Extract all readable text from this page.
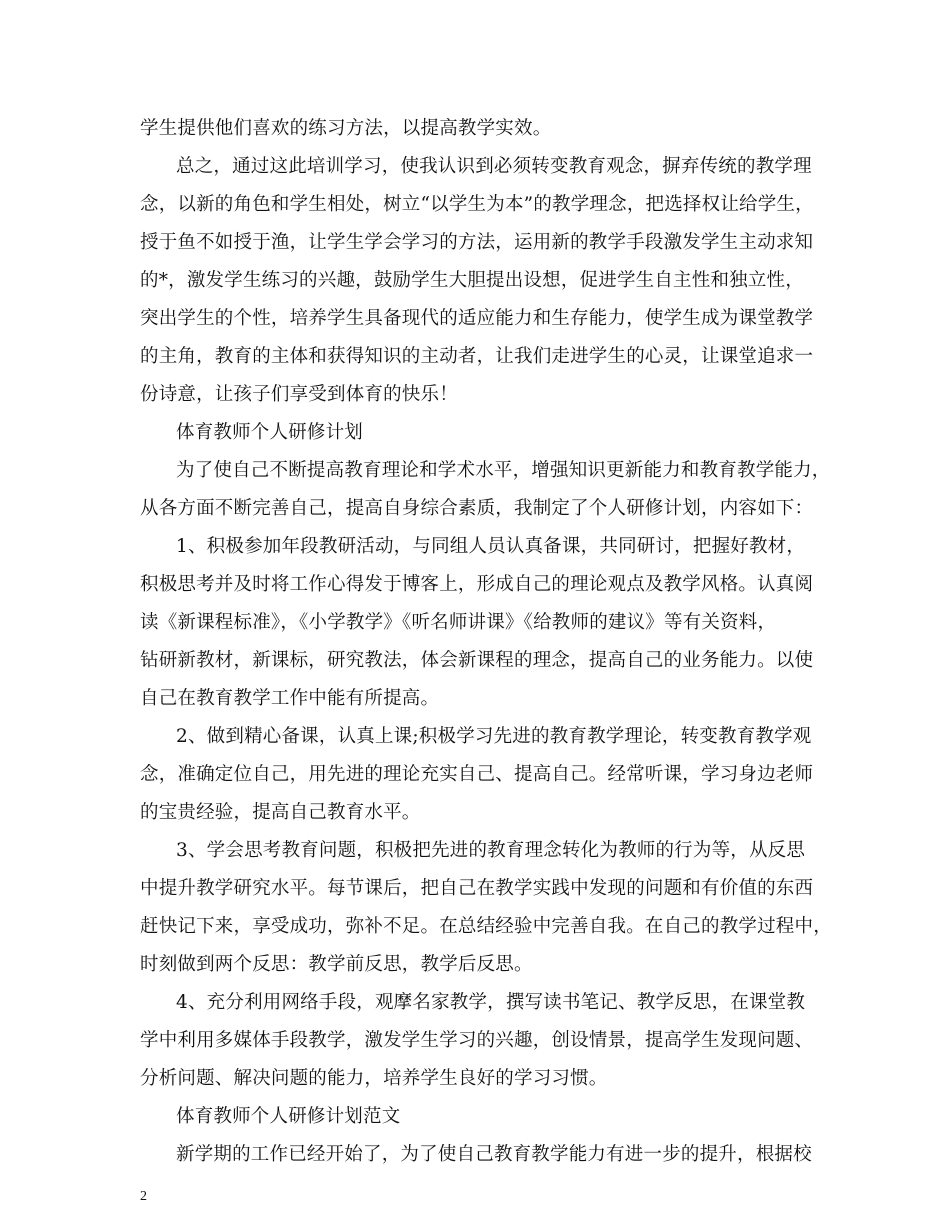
学生提供他们喜欢的练习方法，以提高教学实效。
总之，通过这此培训学习，使我认识到必须转变教育观念，摒弃传统的教学理
念，以新的角色和学生相处，树立“以学生为本”的教学理念，把选择权让给学生，
授于鱼不如授于渔，让学生学会学习的方法，运用新的教学手段激发学生主动求知
的*，激发学生练习的兴趣，鼓励学生大胆提出设想，促进学生自主性和独立性，
突出学生的个性，培养学生具备现代的适应能力和生存能力，使学生成为课堂教学
的主角，教育的主体和获得知识的主动者，让我们走进学生的心灵，让课堂追求一
份诗意，让孩子们享受到体育的快乐！
体育教师个人研修计划
为了使自己不断提高教育理论和学术水平，增强知识更新能力和教育教学能力，
从各方面不断完善自己，提高自身综合素质，我制定了个人研修计划，内容如下：
1、积极参加年段教研活动，与同组人员认真备课，共同研讨，把握好教材，
积极思考并及时将工作心得发于博客上，形成自己的理论观点及教学风格。认真阅
读《新课程标准》，《小学教学》《听名师讲课》《给教师的建议》等有关资料，
钻研新教材，新课标，研究教法，体会新课程的理念，提高自己的业务能力。以使
自己在教育教学工作中能有所提高。
2、做到精心备课，认真上课;积极学习先进的教育教学理论，转变教育教学观
念，准确定位自己，用先进的理论充实自己、提高自己。经常听课，学习身边老师
的宝贵经验，提高自己教育水平。
3、学会思考教育问题，积极把先进的教育理念转化为教师的行为等，从反思
中提升教学研究水平。每节课后，把自己在教学实践中发现的问题和有价值的东西
赶快记下来，享受成功，弥补不足。在总结经验中完善自我。在自己的教学过程中，
时刻做到两个反思：教学前反思，教学后反思。
4、充分利用网络手段，观摩名家教学，撰写读书笔记、教学反思，在课堂教
学中利用多媒体手段教学，激发学生学习的兴趣，创设情景，提高学生发现问题、
分析问题、解决问题的能力，培养学生良好的学习习惯。
体育教师个人研修计划范文
新学期的工作已经开始了，为了使自己教育教学能力有进一步的提升，根据校
2
